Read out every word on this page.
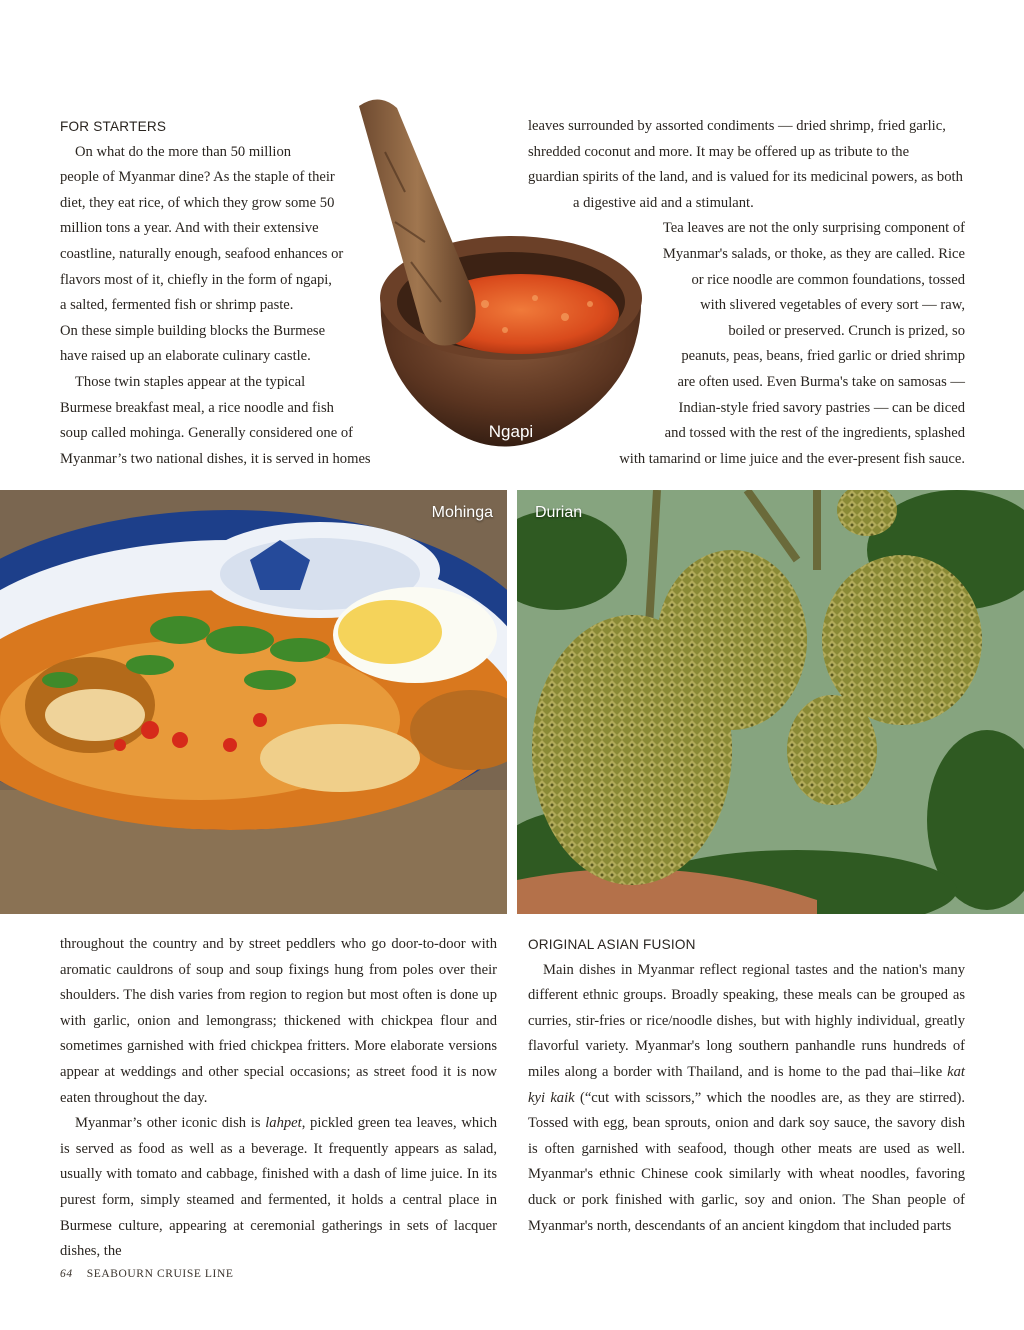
FOR STARTERS

On what do the more than 50 million

people of Myanmar dine? As the staple of their

diet, they eat rice, of which they grow some 50

million tons a year. And with their extensive

coastline, naturally enough, seafood enhances or

flavors most of it, chiefly in the form of ngapi,

a salted, fermented fish or shrimp paste.

On these simple building blocks the Burmese

have raised up an elaborate culinary castle.

Those twin staples appear at the typical

Burmese breakfast meal, a rice noodle and fish

soup called mohinga. Generally considered one of

Myanmar’s two national dishes, it is served in homes

Ngapi

leaves surrounded by assorted condiments — dried shrimp, fried garlic,

shredded coconut and more. It may be offered up as tribute to the

guardian spirits of the land, and is valued for its medicinal powers, as both

a digestive aid and a stimulant.

Tea leaves are not the only surprising component of

Myanmar's salads, or thoke, as they are called. Rice

or rice noodle are common foundations, tossed

with slivered vegetables of every sort — raw,

boiled or preserved. Crunch is prized, so

peanuts, peas, beans, fried garlic or dried shrimp

are often used. Even Burma's take on samosas —

Indian-style fried savory pastries — can be diced

and tossed with the rest of the ingredients, splashed

with tamarind or lime juice and the ever-present fish sauce.

Mohinga	Durian

throughout the country and by street peddlers who go door-to-door with aromatic cauldrons of soup and soup fixings hung from poles over their shoulders. The dish varies from region to region but most often is done up with garlic, onion and lemongrass; thickened with chickpea flour and sometimes garnished with fried chickpea fritters. More elaborate versions appear at weddings and other special occasions; as street food it is now eaten throughout the day.

Myanmar’s other iconic dish is lahpet, pickled green tea leaves, which is served as food as well as a beverage. It frequently appears as salad, usually with tomato and cabbage, finished with a dash of lime juice. In its purest form, simply steamed and fermented, it holds a central place in Burmese culture, appearing at ceremonial gatherings in sets of lacquer dishes, the

ORIGINAL ASIAN FUSION

Main dishes in Myanmar reflect regional tastes and the nation's many different ethnic groups. Broadly speaking, these meals can be grouped as curries, stir-fries or rice/noodle dishes, but with highly individual, greatly flavorful variety. Myanmar's long southern panhandle runs hundreds of miles along a border with Thailand, and is home to the pad thai–like kat kyi kaik (“cut with scissors,” which the noodles are, as they are stirred). Tossed with egg, bean sprouts, onion and dark soy sauce, the savory dish is often garnished with seafood, though other meats are used as well. Myanmar's ethnic Chinese cook similarly with wheat noodles, favoring duck or pork finished with garlic, soy and onion. The Shan people of Myanmar's north, descendants of an ancient kingdom that included parts

64 SEABOURN CRUISE LINE
